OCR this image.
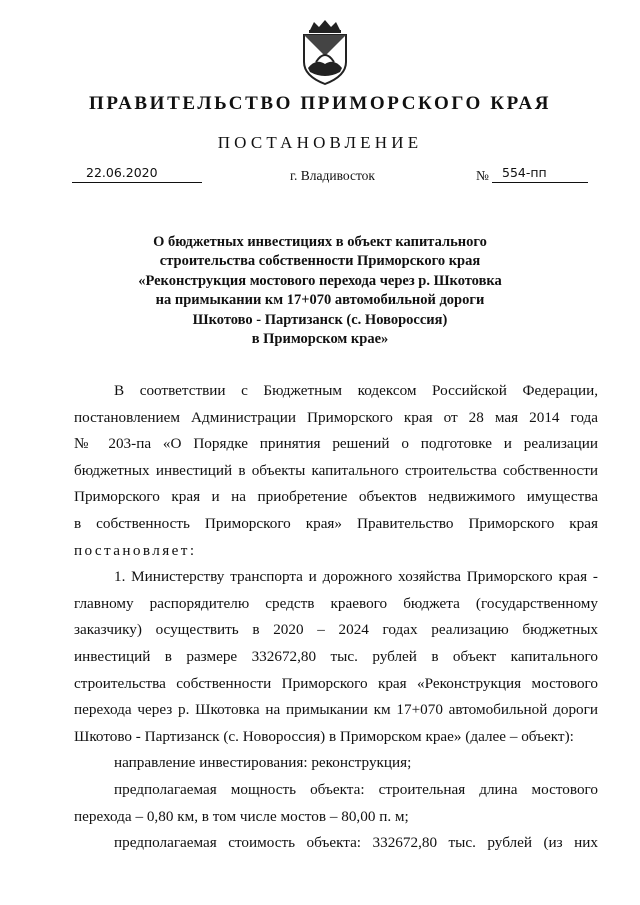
ПРАВИТЕЛЬСТВО ПРИМОРСКОГО КРАЯ
ПОСТАНОВЛЕНИЕ
22.06.2020	г. Владивосток	№	554-пп
О бюджетных инвестициях в объект капитального
строительства собственности Приморского края
«Реконструкция мостового перехода через р. Шкотовка
на примыкании км 17+070 автомобильной дороги
Шкотово - Партизанск (с. Новороссия)
в Приморском крае»
В соответствии с Бюджетным кодексом Российской Федерации,
постановлением Администрации Приморского края от 28 мая 2014 года
№ 203-па «О Порядке принятия решений о подготовке и реализации
бюджетных инвестиций в объекты капитального строительства собственности
Приморского края и на приобретение объектов недвижимого имущества
в собственность Приморского края» Правительство Приморского края
постановляет:
1. Министерству транспорта и дорожного хозяйства Приморского края -
главному распорядителю средств краевого бюджета (государственному
заказчику) осуществить в 2020 – 2024 годах реализацию бюджетных
инвестиций в размере 332672,80 тыс. рублей в объект капитального
строительства собственности Приморского края «Реконструкция мостового
перехода через р. Шкотовка на примыкании км 17+070 автомобильной дороги
Шкотово - Партизанск (с. Новороссия) в Приморском крае» (далее – объект):
направление инвестирования: реконструкция;
предполагаемая мощность объекта: строительная длина мостового
перехода – 0,80 км, в том числе мостов – 80,00 п. м;
предполагаемая стоимость объекта: 332672,80 тыс. рублей (из них
